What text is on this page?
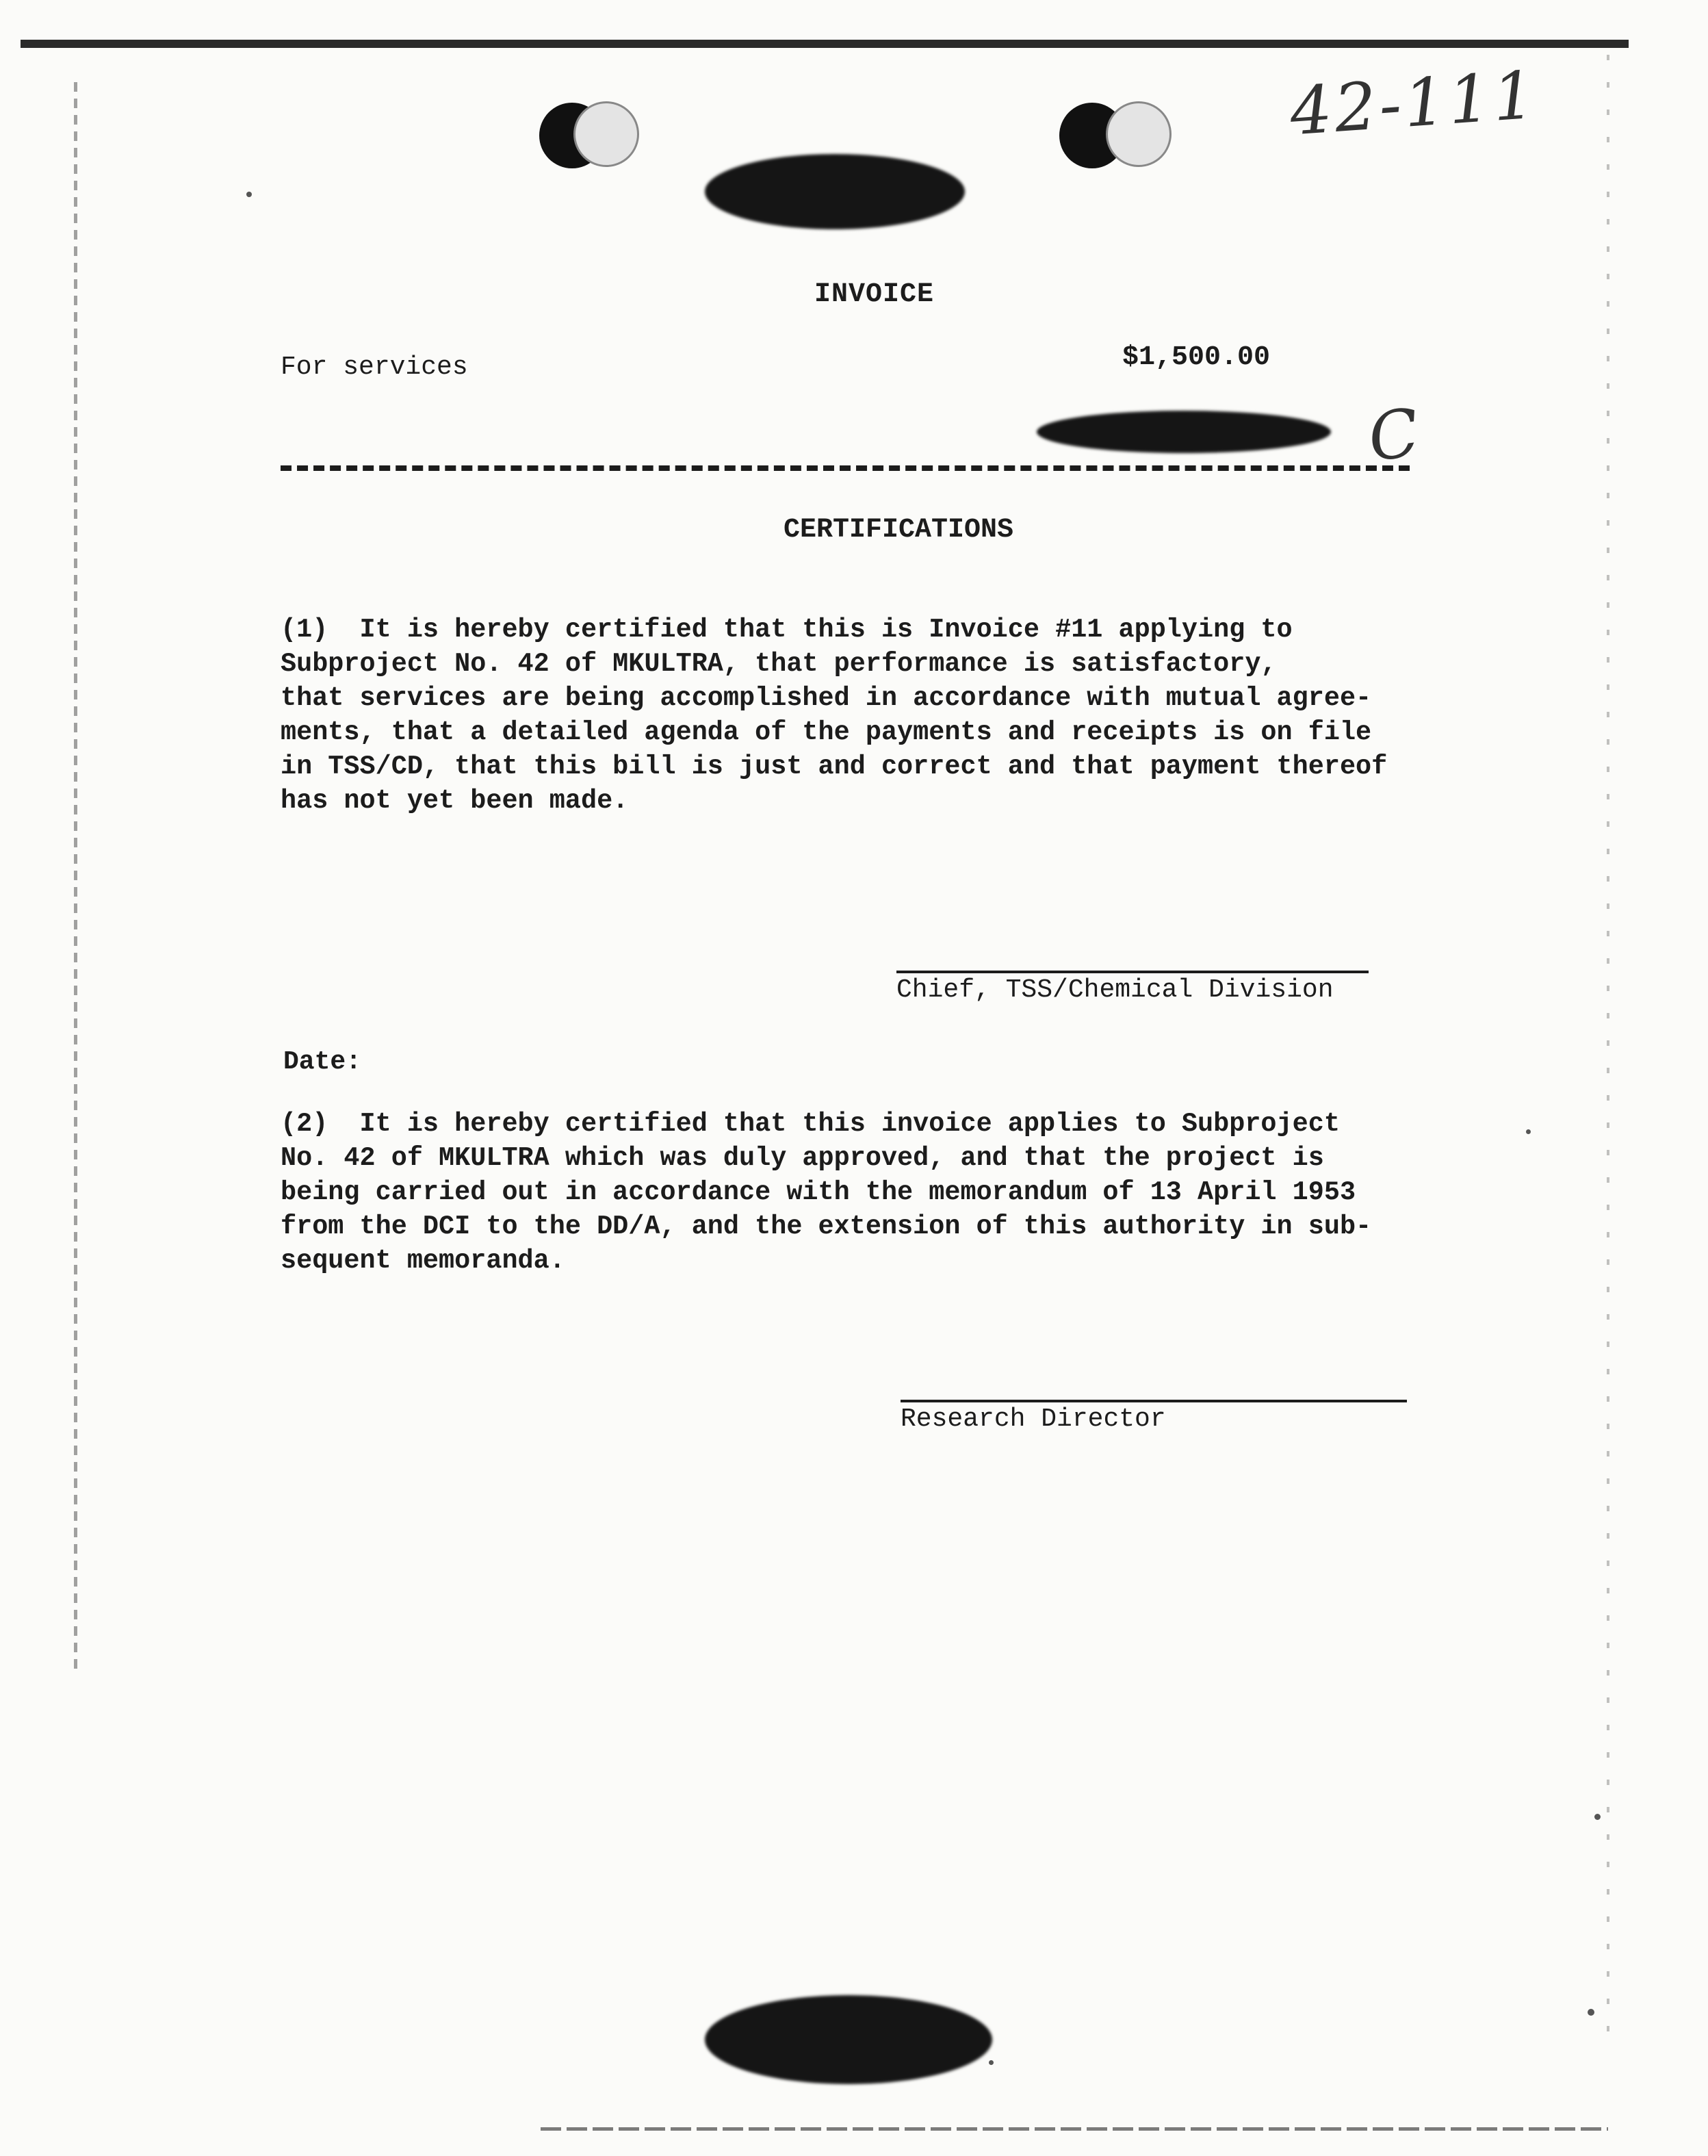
42-111
C
INVOICE
For services	$1,500.00
CERTIFICATIONS
(1)  It is hereby certified that this is Invoice #11 applying to
Subproject No. 42 of MKULTRA, that performance is satisfactory,
that services are being accomplished in accordance with mutual agree-
ments, that a detailed agenda of the payments and receipts is on file
in TSS/CD, that this bill is just and correct and that payment thereof
has not yet been made.
Chief, TSS/Chemical Division
Date:
(2)  It is hereby certified that this invoice applies to Subproject
No. 42 of MKULTRA which was duly approved, and that the project is
being carried out in accordance with the memorandum of 13 April 1953
from the DCI to the DD/A, and the extension of this authority in sub-
sequent memoranda.
Research Director
